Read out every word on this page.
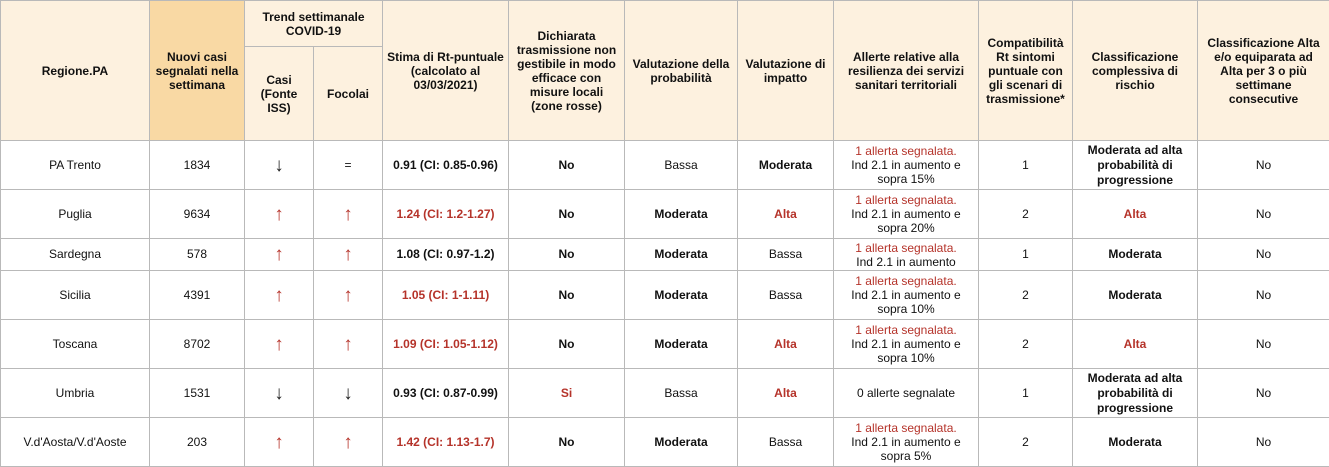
Regione.PA	Nuovi casi segnalati nella settimana	Trend settimanale COVID-19		Stima di Rt-puntuale (calcolato al 03/03/2021)	Dichiarata trasmissione non gestibile in modo efficace con misure locali (zone rosse)	Valutazione della probabilità	Valutazione di impatto	Allerte relative alla resilienza dei servizi sanitari territoriali	Compatibilità Rt sintomi puntuale con gli scenari di trasmissione*	Classificazione complessiva di rischio	Classificazione Alta e/o equiparata ad Alta per 3 o più settimane consecutive
		Casi (Fonte ISS)	Focolai								
PA Trento	1834	↓	=	0.91 (CI: 0.85-0.96)	No	Bassa	Moderata	1 allerta segnalata.
Ind 2.1 in aumento e sopra 15%	1	Moderata ad alta probabilità di progressione	No
Puglia	9634	↑	↑	1.24 (CI: 1.2-1.27)	No	Moderata	Alta	1 allerta segnalata.
Ind 2.1 in aumento e sopra 20%	2	Alta	No
Sardegna	578	↑	↑	1.08 (CI: 0.97-1.2)	No	Moderata	Bassa	1 allerta segnalata.
Ind 2.1 in aumento	1	Moderata	No
Sicilia	4391	↑	↑	1.05 (CI: 1-1.11)	No	Moderata	Bassa	1 allerta segnalata.
Ind 2.1 in aumento e sopra 10%	2	Moderata	No
Toscana	8702	↑	↑	1.09 (CI: 1.05-1.12)	No	Moderata	Alta	1 allerta segnalata.
Ind 2.1 in aumento e sopra 10%	2	Alta	No
Umbria	1531	↓	↓	0.93 (CI: 0.87-0.99)	Si	Bassa	Alta	0 allerte segnalate	1	Moderata ad alta probabilità di progressione	No
V.d'Aosta/V.d'Aoste	203	↑	↑	1.42 (CI: 1.13-1.7)	No	Moderata	Bassa	1 allerta segnalata.
Ind 2.1 in aumento e sopra 5%	2	Moderata	No
